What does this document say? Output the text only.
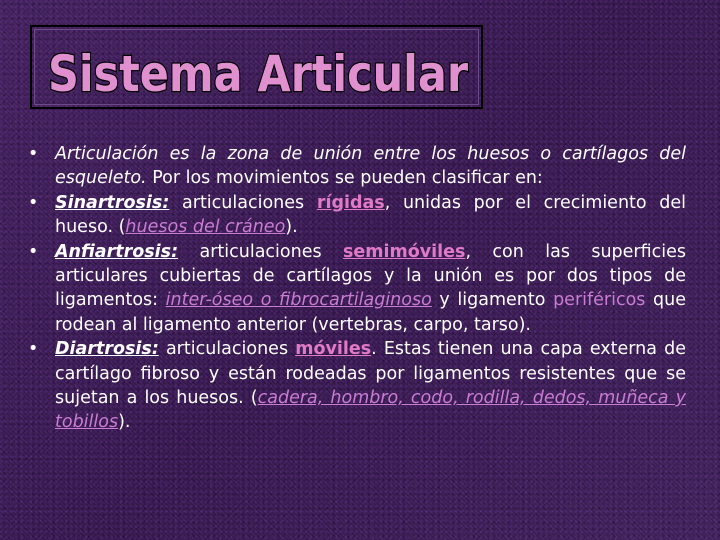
Sistema Articular
• Articulación es la zona de unión entre los huesos o cartílagos del esqueleto. Por los movimientos se pueden clasificar en:
• Sinartrosis: articulaciones rígidas, unidas por el crecimiento del hueso. (huesos del cráneo).
• Anfiartrosis: articulaciones semimóviles, con las superficies articulares cubiertas de cartílagos y la unión es por dos tipos de ligamentos: inter-óseo o fibrocartilaginoso y ligamento periféricos que rodean al ligamento anterior (vertebras, carpo, tarso).
• Diartrosis: articulaciones móviles. Estas tienen una capa externa de cartílago fibroso y están rodeadas por ligamentos resistentes que se sujetan a los huesos. (cadera, hombro, codo, rodilla, dedos, muñeca y tobillos).
